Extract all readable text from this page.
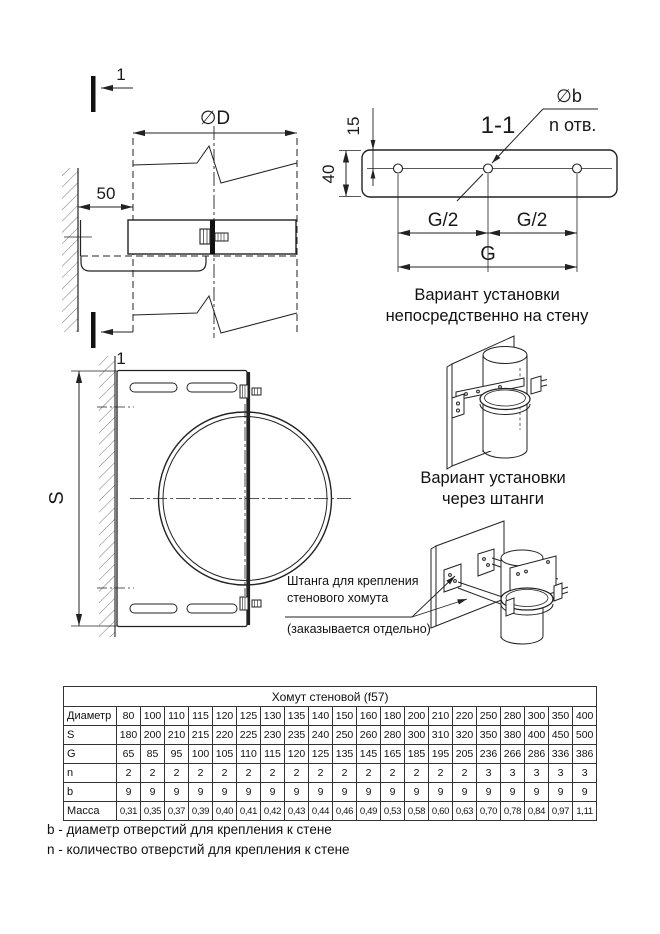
1
1
∅D
50
1-1
∅b
n отв.
15
40
G/2	G/2
G
S
Вариант установки
непосредственно на стену
Вариант установки
через штанги
Штанга для крепления
стенового хомута
(заказывается отдельно)
Хомут стеновой (f57)																				
Диаметр	80	100	110	115	120	125	130	135	140	150	160	180	200	210	220	250	280	300	350	400
S	180	200	210	215	220	225	230	235	240	250	260	280	300	310	320	350	380	400	450	500
G	65	85	95	100	105	110	115	120	125	135	145	165	185	195	205	236	266	286	336	386
n	2	2	2	2	2	2	2	2	2	2	2	2	2	2	2	3	3	3	3	3
b	9	9	9	9	9	9	9	9	9	9	9	9	9	9	9	9	9	9	9	9
Масса	0,31	0,35	0,37	0,39	0,40	0,41	0,42	0,43	0,44	0,46	0,49	0,53	0,58	0,60	0,63	0,70	0,78	0,84	0,97	1,11
b - диаметр отверстий для крепления к стене
n - количество отверстий для крепления к стене
